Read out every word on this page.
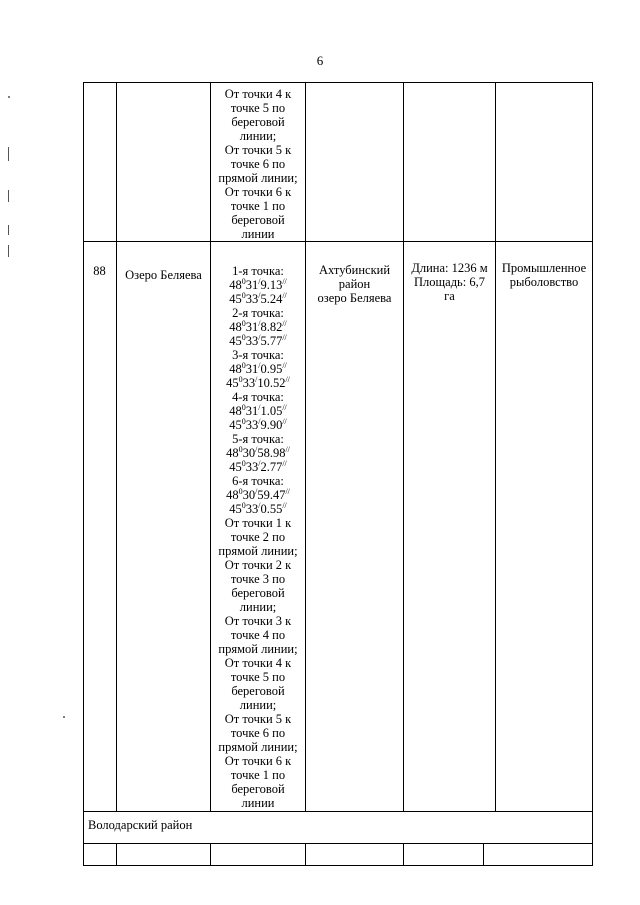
6
От точки 4 к
точке 5 по
береговой
линии;
От точки 5 к
точке 6 по
прямой линии;
От точки 6 к
точке 1 по
береговой
линии
88	Озеро Беляева	1-я точка:
$48^031^/9.13^{//}$
$45^033^/5.24^{//}$
2-я точка:
$48^031^/8.82^{//}$
$45^033^/5.77^{//}$
3-я точка:
$48^031^/0.95^{//}$
$45^033^/10.52^{//}$
4-я точка:
$48^031^/1.05^{//}$
$45^033^/9.90^{//}$
5-я точка:
$48^030^/58.98^{//}$
$45^033^/2.77^{//}$
6-я точка:
$48^030^/59.47^{//}$
$45^033^/0.55^{//}$
От точки 1 к
точке 2 по
прямой линии;
От точки 2 к
точке 3 по
береговой
линии;
От точки 3 к
точке 4 по
прямой линии;
От точки 4 к
точке 5 по
береговой
линии;
От точки 5 к
точке 6 по
прямой линии;
От точки 6 к
точке 1 по
береговой
линии
Ахтубинский
район
озеро Беляева
Длина: 1236 м
Площадь: 6,7
га
Промышленное
рыболовство
Володарский район
